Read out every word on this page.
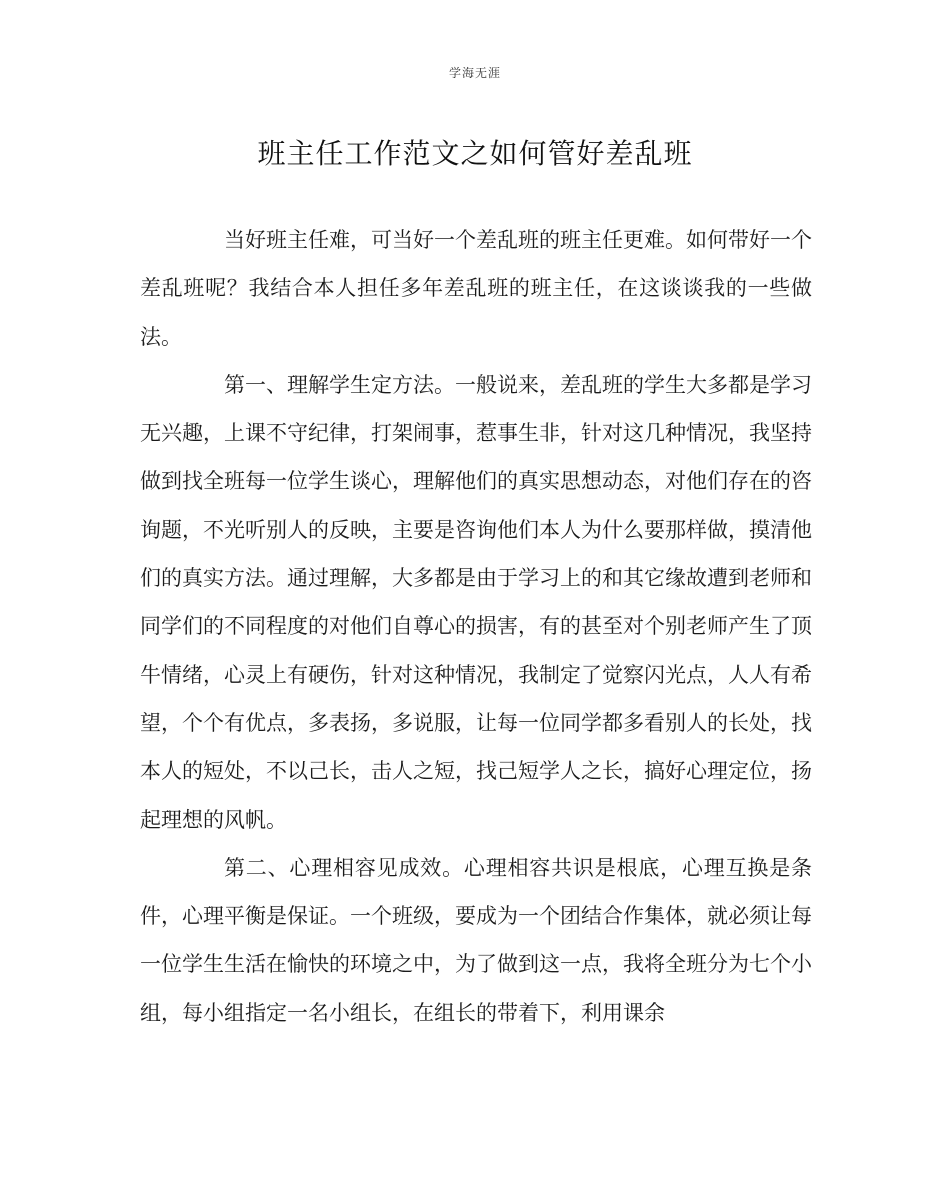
学海无涯
班主任工作范文之如何管好差乱班

当好班主任难，可当好一个差乱班的班主任更难。如何带好一个差乱班呢？我结合本人担任多年差乱班的班主任，在这谈谈我的一些做法。

第一、理解学生定方法。一般说来，差乱班的学生大多都是学习无兴趣，上课不守纪律，打架闹事，惹事生非，针对这几种情况，我坚持做到找全班每一位学生谈心，理解他们的真实思想动态，对他们存在的咨询题，不光听别人的反映，主要是咨询他们本人为什么要那样做，摸清他们的真实方法。通过理解，大多都是由于学习上的和其它缘故遭到老师和同学们的不同程度的对他们自尊心的损害，有的甚至对个别老师产生了顶牛情绪，心灵上有硬伤，针对这种情况，我制定了觉察闪光点，人人有希望，个个有优点，多表扬，多说服，让每一位同学都多看别人的长处，找本人的短处，不以己长，击人之短，找己短学人之长，搞好心理定位，扬起理想的风帆。

第二、心理相容见成效。心理相容共识是根底，心理互换是条件，心理平衡是保证。一个班级，要成为一个团结合作集体，就必须让每一位学生生活在愉快的环境之中，为了做到这一点，我将全班分为七个小组，每小组指定一名小组长，在组长的带着下，利用课余
